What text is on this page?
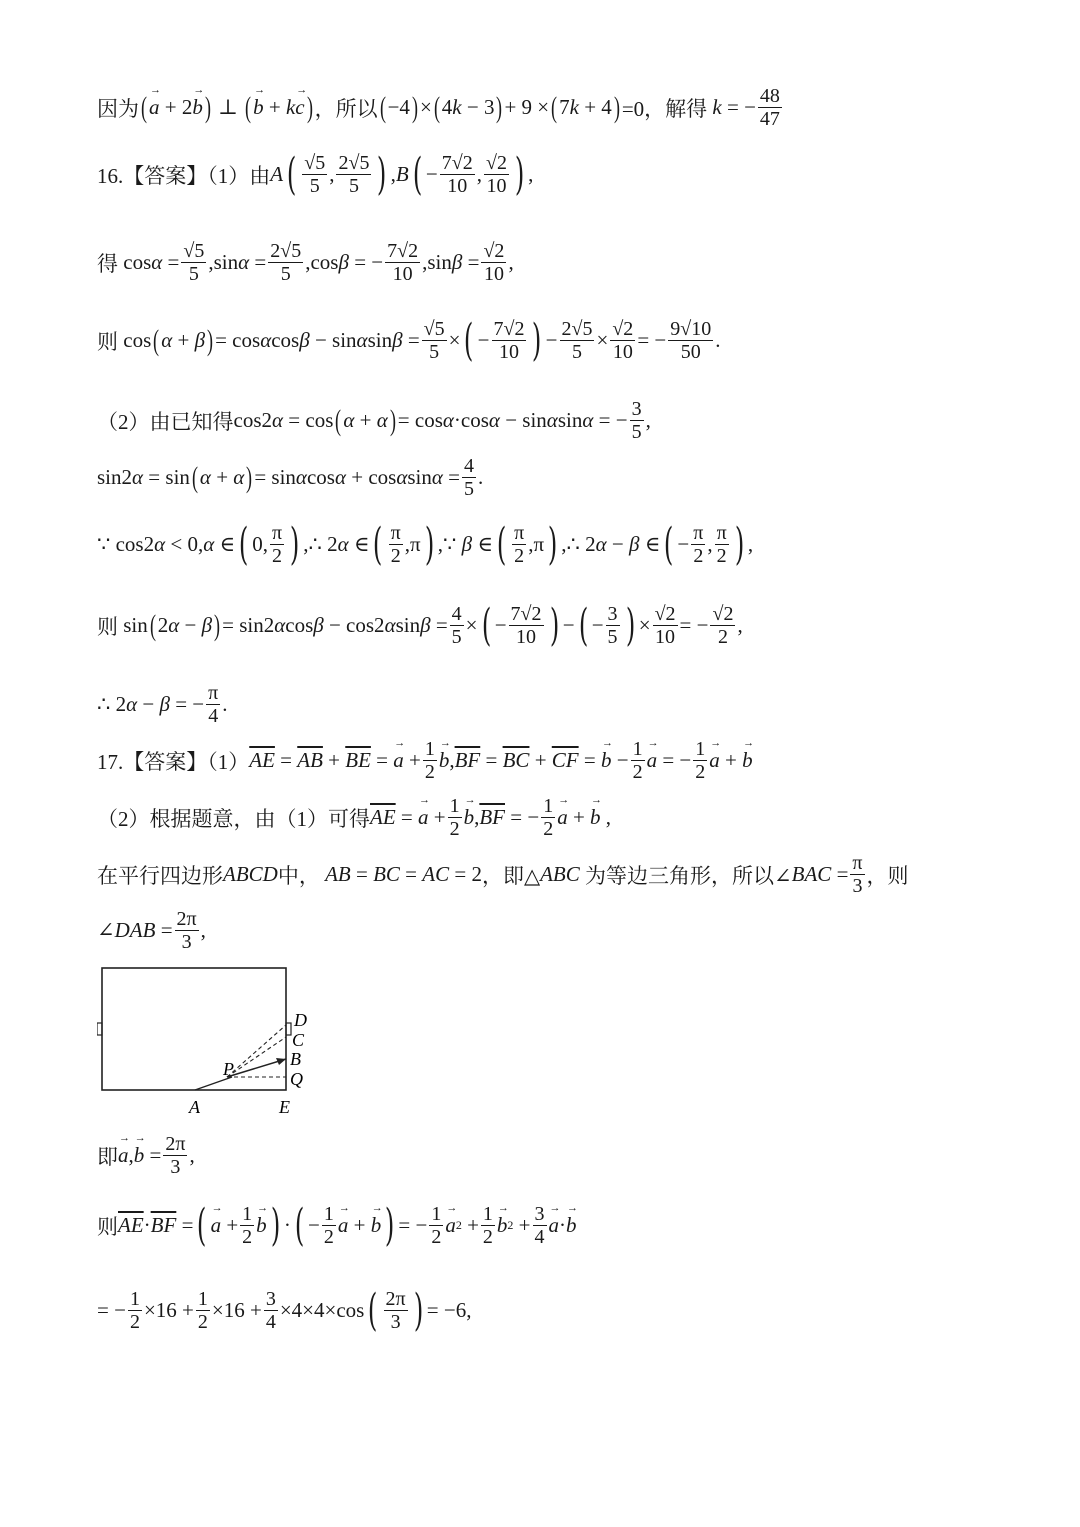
因为 ( → a + 2 → b ) ⊥ ( → b + k → c ) ，所以 ( −4 ) × ( 4 k − 3 ) + 9 × ( 7 k + 4 ) =0，解得
k = − $\frac{48}{47}$
16.【答案】（1）由 A ( $\frac{√5}{5}$ , $\frac{2√5}{5}$ ) , B ( − $\frac{7√2}{10}$ , $\frac{√2}{10}$ ) ,
得 $\cos \alpha = \frac{√5}{5} ,\sin$ $\alpha = \frac{2√5}{5} ,\cos$ β = − $\frac{7√2}{10} ,\sin$ $\beta = \frac{√2}{10}$ ,
则 cos ( α + β ) = cos α cos β − sin α $\sin \beta = \frac{√5}{5}$ × ( − $\frac{7√2}{10}$ ) − $\frac{2√5}{5} \times \frac{√2}{10}$ = − $\frac{9√10}{50}$ .
（2）由已知得 cos2 α = cos ( α + α ) = cos α ·cos α − sin α sin α = − $\frac{3}{5}$ ,
sin2 α = sin ( α + α ) = sin α cos α + cos α $\sin \alpha = \frac{4}{5}$ .
∵ cos2 α < 0, α ∈ ( 0, $\frac{\pi}{2}$ ) ,∴ 2 α ∈ ( $\frac{\pi}{2} ,\pi$ ) ,∵ β ∈ ( $\frac{\pi}{2} ,\pi$ ) ,∴ 2 α − β ∈ ( − $\frac{\pi}{2}$ , $\frac{\pi}{2}$ ) ,
则 sin ( 2 α − β ) = sin2 α cos β − cos2 α $\sin \beta = \frac{4}{5}$ × ( − $\frac{7√2}{10}$ ) − ( − $\frac{3}{5}$ ) × $\frac{√2}{10}$ = − $\frac{√2}{2}$ ,
∴ 2 α − β = − $\frac{\pi}{4}$ .
17.【答案】（1） $\overline{AE} = \overline{AB} + \overline{BE}$ = → $a + \frac{1}{2} \to b$ , $\overline{BF} = \overline{BC} + \overline{CF}$ = → $b - \frac{1}{2} \to a$ = − $\frac{1}{2} \to a$ + → b
（2）根据题意，由（1）可得 $\overline{AE}$ = → $a + \frac{1}{2} \to b$ , $\overline{BF}$ = − $\frac{1}{2} \to a$ + → b ,
在平行四边形 ABCD 中，
AB = BC = AC = 2 ，即△ ABC
为等边三角形，所以∠ BAC = $\frac{\pi}{3}$ ，则
∠ DAB = $\frac{2\pi}{3}$ ,
A	E
P	Q
B
C
D
即 → a , → $b = \frac{2\pi}{3}$ ,
则 $\overline{AE} \cdot \overline{BF}$ = ( → $a + \frac{1}{2} \to b$ ) · ( − $\frac{1}{2} \to a$ + → b ) = − $\frac{1}{2} \to a$ $2 + \frac{1}{2} \to b$ $2 + \frac{3}{4} \to a$ · → b
= − $\frac{1}{2} \times 16 + \frac{1}{2} \times 16 + \frac{3}{4} \times 4\times 4\times\cos$ ( $\frac{2\pi}{3}$ ) = −6,
